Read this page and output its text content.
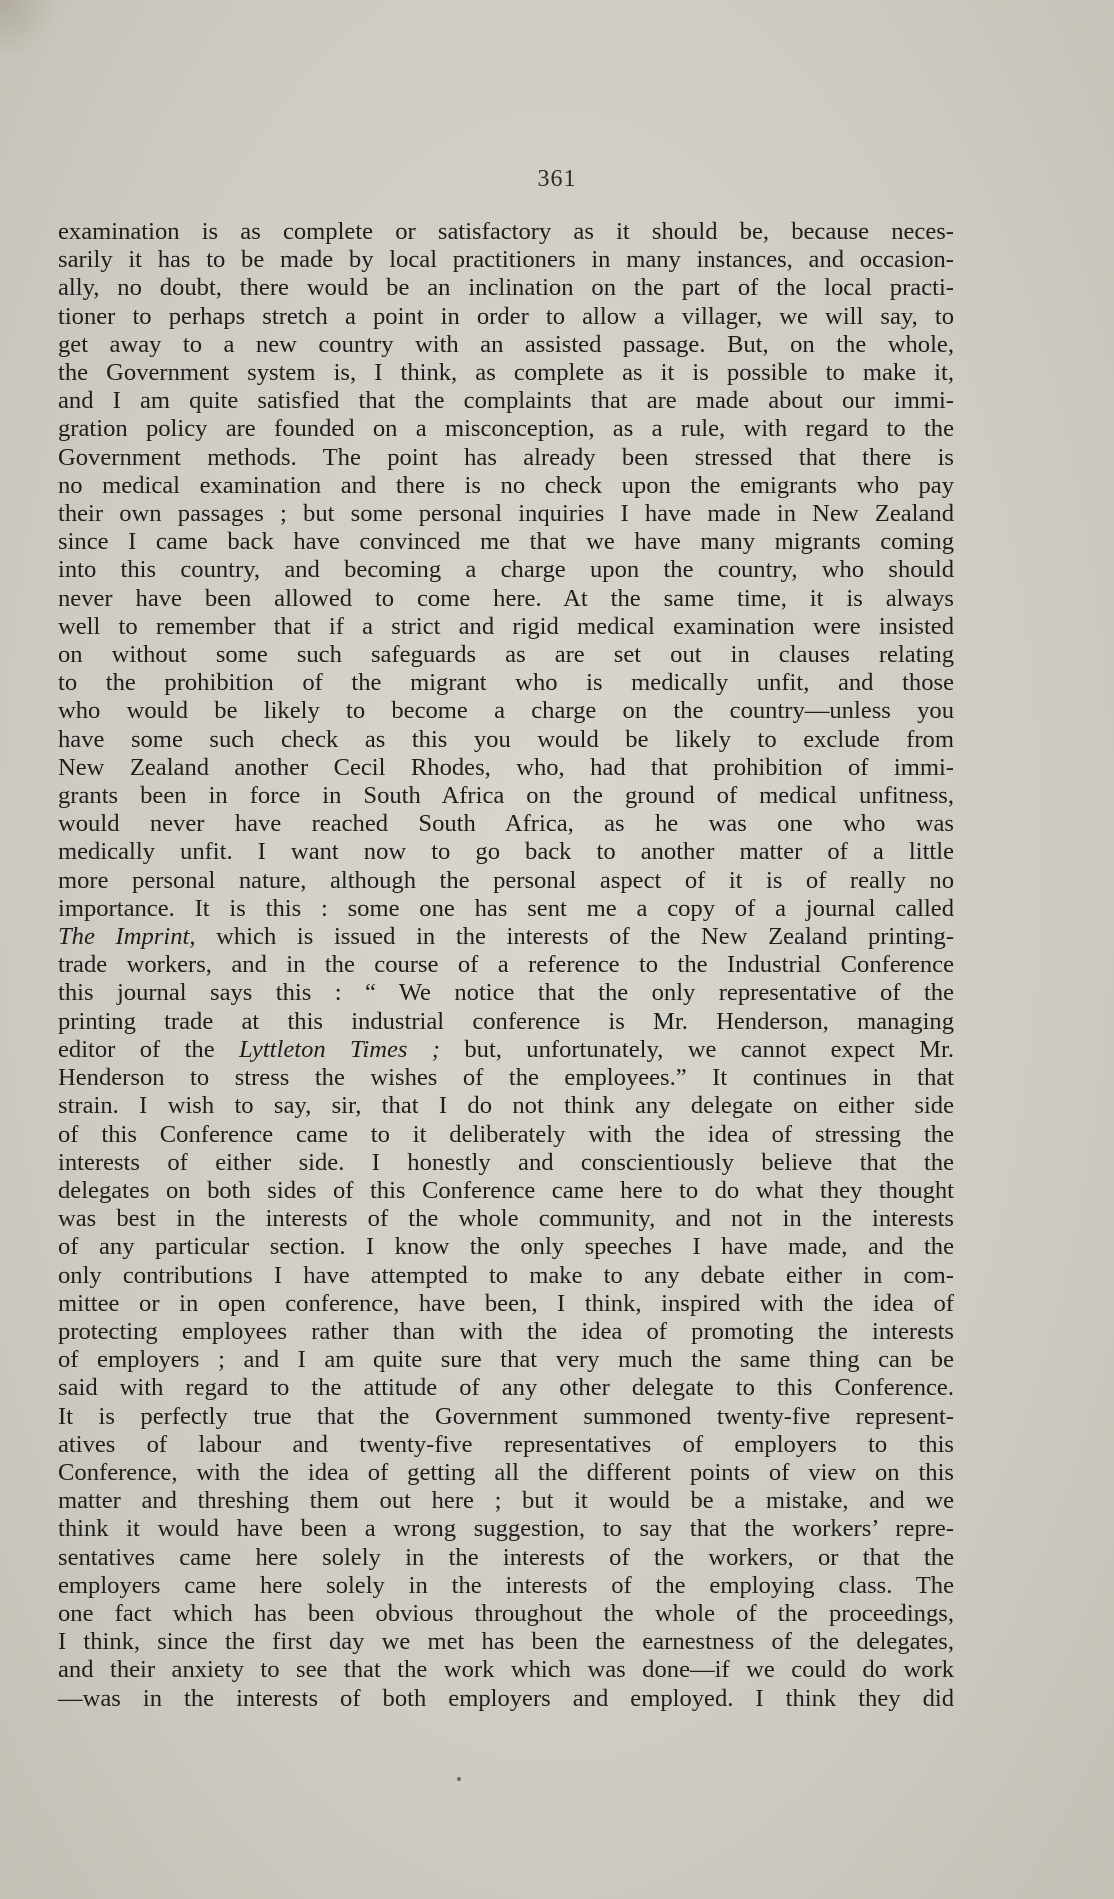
361
examination is as complete or satisfactory as it should be, because neces-
sarily it has to be made by local practitioners in many instances, and occasion-
ally, no doubt, there would be an inclination on the part of the local practi-
tioner to perhaps stretch a point in order to allow a villager, we will say, to
get away to a new country with an assisted passage. But, on the whole,
the Government system is, I think, as complete as it is possible to make it,
and I am quite satisfied that the complaints that are made about our immi-
gration policy are founded on a misconception, as a rule, with regard to the
Government methods. The point has already been stressed that there is
no medical examination and there is no check upon the emigrants who pay
their own passages ; but some personal inquiries I have made in New Zealand
since I came back have convinced me that we have many migrants coming
into this country, and becoming a charge upon the country, who should
never have been allowed to come here. At the same time, it is always
well to remember that if a strict and rigid medical examination were insisted
on without some such safeguards as are set out in clauses relating
to the prohibition of the migrant who is medically unfit, and those
who would be likely to become a charge on the country—unless you
have some such check as this you would be likely to exclude from
New Zealand another Cecil Rhodes, who, had that prohibition of immi-
grants been in force in South Africa on the ground of medical unfitness,
would never have reached South Africa, as he was one who was
medically unfit. I want now to go back to another matter of a little
more personal nature, although the personal aspect of it is of really no
importance. It is this : some one has sent me a copy of a journal called
The Imprint, which is issued in the interests of the New Zealand printing-
trade workers, and in the course of a reference to the Industrial Conference
this journal says this : “ We notice that the only representative of the
printing trade at this industrial conference is Mr. Henderson, managing
editor of the Lyttleton Times ; but, unfortunately, we cannot expect Mr.
Henderson to stress the wishes of the employees.” It continues in that
strain. I wish to say, sir, that I do not think any delegate on either side
of this Conference came to it deliberately with the idea of stressing the
interests of either side. I honestly and conscientiously believe that the
delegates on both sides of this Conference came here to do what they thought
was best in the interests of the whole community, and not in the interests
of any particular section. I know the only speeches I have made, and the
only contributions I have attempted to make to any debate either in com-
mittee or in open conference, have been, I think, inspired with the idea of
protecting employees rather than with the idea of promoting the interests
of employers ; and I am quite sure that very much the same thing can be
said with regard to the attitude of any other delegate to this Conference.
It is perfectly true that the Government summoned twenty-five represent-
atives of labour and twenty-five representatives of employers to this
Conference, with the idea of getting all the different points of view on this
matter and threshing them out here ; but it would be a mistake, and we
think it would have been a wrong suggestion, to say that the workers’ repre-
sentatives came here solely in the interests of the workers, or that the
employers came here solely in the interests of the employing class. The
one fact which has been obvious throughout the whole of the proceedings,
I think, since the first day we met has been the earnestness of the delegates,
and their anxiety to see that the work which was done—if we could do work
—was in the interests of both employers and employed. I think they did
